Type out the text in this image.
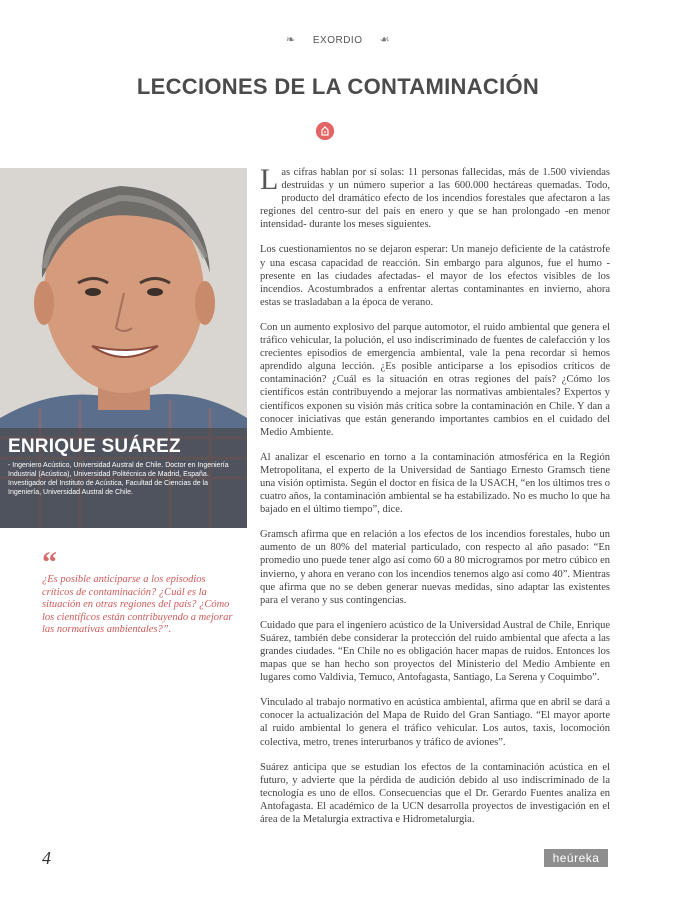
❧ EXORDIO ☙
LECCIONES DE LA CONTAMINACIÓN
ENRIQUE SUÁREZ
- Ingeniero Acústico, Universidad Austral de Chile. Doctor en Ingeniería Industrial (Acústica), Universidad Politécnica de Madrid, España. Investigador del Instituto de Acústica, Facultad de Ciencias de la Ingeniería, Universidad Austral de Chile.
“
¿Es posible anticiparse a los episodios críticos de contaminación? ¿Cuál es la situación en otras regiones del país? ¿Cómo los científicos están contribuyendo a mejorar las normativas ambientales?”.

Las cifras hablan por sí solas: 11 personas fallecidas, más de 1.500 viviendas destruidas y un número superior a las 600.000 hectáreas quemadas. Todo, producto del dramático efecto de los incendios forestales que afectaron a las regiones del centro-sur del país en enero y que se han prolongado -en menor intensidad- durante los meses siguientes.

Los cuestionamientos no se dejaron esperar: Un manejo deficiente de la catástrofe y una escasa capacidad de reacción. Sin embargo para algunos, fue el humo -presente en las ciudades afectadas- el mayor de los efectos visibles de los incendios. Acostumbrados a enfrentar alertas contaminantes en invierno, ahora estas se trasladaban a la época de verano.

Con un aumento explosivo del parque automotor, el ruido ambiental que genera el tráfico vehicular, la polución, el uso indiscriminado de fuentes de calefacción y los crecientes episodios de emergencia ambiental, vale la pena recordar si hemos aprendido alguna lección. ¿Es posible anticiparse a los episodios críticos de contaminación? ¿Cuál es la situación en otras regiones del país? ¿Cómo los científicos están contribuyendo a mejorar las normativas ambientales? Expertos y científicos exponen su visión más crítica sobre la contaminación en Chile. Y dan a conocer iniciativas que están generando importantes cambios en el cuidado del Medio Ambiente.

Al analizar el escenario en torno a la contaminación atmosférica en la Región Metropolitana, el experto de la Universidad de Santiago Ernesto Gramsch tiene una visión optimista. Según el doctor en física de la USACH, “en los últimos tres o cuatro años, la contaminación ambiental se ha estabilizado. No es mucho lo que ha bajado en el último tiempo”, dice.

Gramsch afirma que en relación a los efectos de los incendios forestales, hubo un aumento de un 80% del material particulado, con respecto al año pasado: “En promedio uno puede tener algo así como 60 a 80 microgramos por metro cúbico en invierno, y ahora en verano con los incendios tenemos algo así como 40”. Mientras que afirma que no se deben generar nuevas medidas, sino adaptar las existentes para el verano y sus contingencias.

Cuidado que para el ingeniero acústico de la Universidad Austral de Chile, Enrique Suárez, también debe considerar la protección del ruido ambiental que afecta a las grandes ciudades. “En Chile no es obligación hacer mapas de ruidos. Entonces los mapas que se han hecho son proyectos del Ministerio del Medio Ambiente en lugares como Valdivia, Temuco, Antofagasta, Santiago, La Serena y Coquimbo”.

Vinculado al trabajo normativo en acústica ambiental, afirma que en abril se dará a conocer la actualización del Mapa de Ruido del Gran Santiago. “El mayor aporte al ruido ambiental lo genera el tráfico vehicular. Los autos, taxis, locomoción colectiva, metro, trenes interurbanos y tráfico de aviones”.

Suárez anticipa que se estudian los efectos de la contaminación acústica en el futuro, y advierte que la pérdida de audición debido al uso indiscriminado de la tecnología es uno de ellos. Consecuencias que el Dr. Gerardo Fuentes analiza en Antofagasta. El académico de la UCN desarrolla proyectos de investigación en el área de la Metalurgia extractiva e Hidrometalurgia.

4	heúreka
